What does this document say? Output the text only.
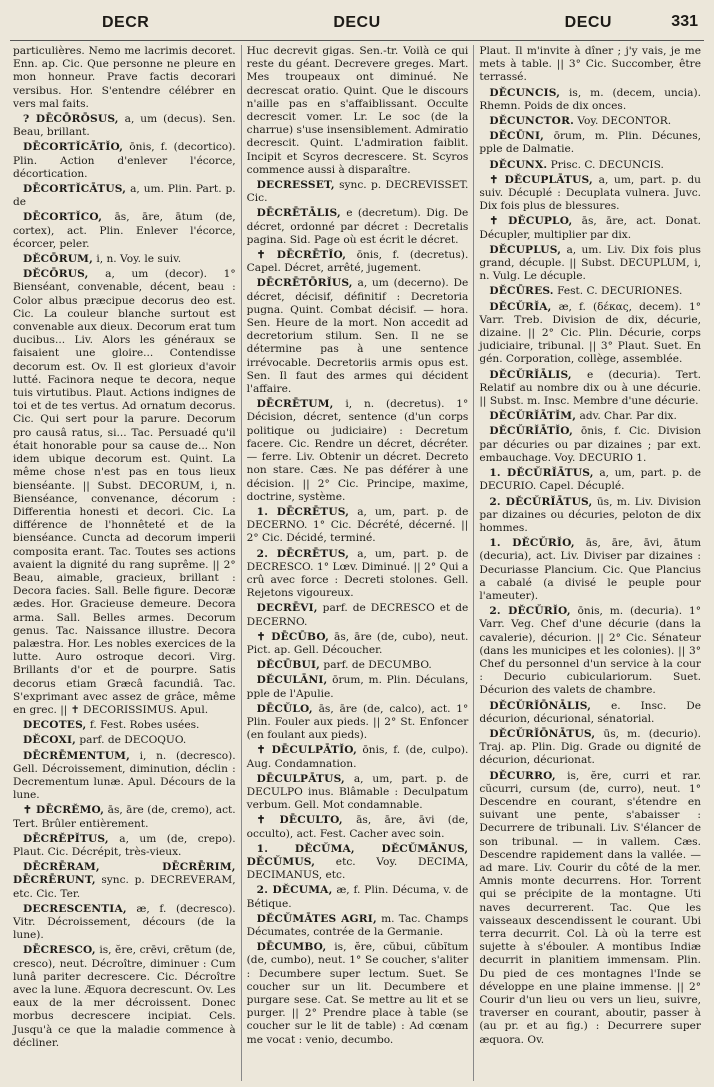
DECR	DECU	DECU	331

particulières. Nemo me lacrimis decoret. Enn. ap. Cic. Que personne ne pleure en mon honneur. Prave factis decorari versibus. Hor. S'entendre célébrer en vers mal faits.

? DĒCŌRŌSUS, a, um (decus). Sen. Beau, brillant.

DĒCORTĬCĀTĬO, ōnis, f. (decortico). Plin. Action d'enlever l'écorce, décortication.

DĒCORTĬCĀTUS, a, um. Plin. Part. p. de

DĒCORTĬCO, ās, āre, ātum (de, cortex), act. Plin. Enlever l'écorce, écorcer, peler.

DĔCŌRUM, i, n. Voy. le suiv.

DĔCŌRUS, a, um (decor). 1° Bienséant, convenable, décent, beau : Color albus præcipue decorus deo est. Cic. La couleur blanche surtout est convenable aux dieux. Decorum erat tum ducibus... Liv. Alors les généraux se faisaient une gloire... Contendisse decorum est. Ov. Il est glorieux d'avoir lutté. Facinora neque te decora, neque tuis virtutibus. Plaut. Actions indignes de toi et de tes vertus. Ad ornatum decorus. Cic. Qui sert pour la parure. Decorum pro causâ ratus, si... Tac. Persuadé qu'il était honorable pour sa cause de... Non idem ubique decorum est. Quint. La même chose n'est pas en tous lieux bienséante. || Subst. DECORUM, i, n. Bienséance, convenance, décorum : Differentia honesti et decori. Cic. La différence de l'honnêteté et de la bienséance. Cuncta ad decorum imperii composita erant. Tac. Toutes ses actions avaient la dignité du rang suprême. || 2° Beau, aimable, gracieux, brillant : Decora facies. Sall. Belle figure. Decoræ ædes. Hor. Gracieuse demeure. Decora arma. Sall. Belles armes. Decorum genus. Tac. Naissance illustre. Decora palæstra. Hor. Les nobles exercices de la lutte. Auro ostroque decori. Virg. Brillants d'or et de pourpre. Satis decorus etiam Græcâ facundiâ. Tac. S'exprimant avec assez de grâce, même en grec. || ✝ DECORISSIMUS. Apul.

DECOTES, f. Fest. Robes usées.

DĔCOXI, parf. de DECOQUO.

DĒCRĒMENTUM, i, n. (decresco). Gell. Décroissement, diminution, déclin : Decrementum lunæ. Apul. Décours de la lune.

✝ DĒCRĔMO, ās, āre (de, cremo), act. Tert. Brûler entièrement.

DĒCRĔPĬTUS, a, um (de, crepo). Plaut. Cic. Décrépit, très-vieux.

DĒCRĒRAM, DĒCRĒRIM, DĒCRĒRUNT, sync. p. DECREVERAM, etc. Cic. Ter.

DECRESCENTIA, æ, f. (decresco). Vitr. Décroissement, décours (de la lune).

DĒCRESCO, is, ĕre, crēvi, crētum (de, cresco), neut. Décroître, diminuer : Cum lunâ pariter decrescere. Cic. Décroître avec la lune. Æquora decrescunt. Ov. Les eaux de la mer décroissent. Donec morbus decrescere incipiat. Cels. Jusqu'à ce que la maladie commence à décliner.

Huc decrevit gigas. Sen.-tr. Voilà ce qui reste du géant. Decrevere greges. Mart. Mes troupeaux ont diminué. Ne decrescat oratio. Quint. Que le discours n'aille pas en s'affaiblissant. Occulte decrescit vomer. Lr. Le soc (de la charrue) s'use insensiblement. Admiratio decrescit. Quint. L'admiration faiblit. Incipit et Scyros decrescere. St. Scyros commence aussi à disparaître.

DECRESSET, sync. p. DECREVISSET. Cic.

DĒCRĒTĀLIS, e (decretum). Dig. De décret, ordonné par décret : Decretalis pagina. Sid. Page où est écrit le décret.

✝ DĒCRĒTĬO, ōnis, f. (decretus). Capel. Décret, arrêté, jugement.

DĒCRĒTŌRĬUS, a, um (decerno). De décret, décisif, définitif : Decretoria pugna. Quint. Combat décisif. — hora. Sen. Heure de la mort. Non accedit ad decretorium stilum. Sen. Il ne se détermine pas à une sentence irrévocable. Decretoriis armis opus est. Sen. Il faut des armes qui décident l'affaire.

DĒCRĒTUM, i, n. (decretus). 1° Décision, décret, sentence (d'un corps politique ou judiciaire) : Decretum facere. Cic. Rendre un décret, décréter. — ferre. Liv. Obtenir un décret. Decreto non stare. Cæs. Ne pas déférer à une décision. || 2° Cic. Principe, maxime, doctrine, système.

1. DĒCRĒTUS, a, um, part. p. de DECERNO. 1° Cic. Décrété, décerné. || 2° Cic. Décidé, terminé.

2. DĒCRĒTUS, a, um, part. p. de DECRESCO. 1° Lœv. Diminué. || 2° Qui a crû avec force : Decreti stolones. Gell. Rejetons vigoureux.

DECRĒVI, parf. de DECRESCO et de DECERNO.

✝ DĒCŪBO, ās, āre (de, cubo), neut. Pict. ap. Gell. Découcher.

DĔCŪBUI, parf. de DECUMBO.

DĔCULĀNI, ōrum, m. Plin. Déculans, pple de l'Apulie.

DĒCŬLO, ās, āre (de, calco), act. 1° Plin. Fouler aux pieds. || 2° St. Enfoncer (en foulant aux pieds).

✝ DĒCULPĀTĬO, ōnis, f. (de, culpo). Aug. Condamnation.

DĒCULPĀTUS, a, um, part. p. de DECULPO inus. Blâmable : Deculpatum verbum. Gell. Mot condamnable.

✝ DĒCULTO, ās, āre, āvi (de, occulto), act. Fest. Cacher avec soin.

1. DĔCŬMA, DĔCŬMĀNUS, DĔCŬMUS, etc. Voy. DECIMA, DECIMANUS, etc.

2. DĔCUMA, æ, f. Plin. Décuma, v. de Bétique.

DĔCŬMĀTES AGRI, m. Tac. Champs Décumates, contrée de la Germanie.

DĒCUMBO, is, ĕre, cŭbui, cŭbĭtum (de, cumbo), neut. 1° Se coucher, s'aliter : Decumbere super lectum. Suet. Se coucher sur un lit. Decumbere et purgare sese. Cat. Se mettre au lit et se purger. || 2° Prendre place à table (se coucher sur le lit de table) : Ad cœnam me vocat : venio, decumbo.

Plaut. Il m'invite à dîner ; j'y vais, je me mets à table. || 3° Cic. Succomber, être terrassé.

DĔCUNCIS, is, m. (decem, uncia). Rhemn. Poids de dix onces.

DĔCUNCTOR. Voy. DECONTOR.

DĔCŪNI, ōrum, m. Plin. Décunes, pple de Dalmatie.

DĔCUNX. Prisc. C. DECUNCIS.

✝ DĔCUPLĀTUS, a, um, part. p. du suiv. Décuplé : Decuplata vulnera. Juvc. Dix fois plus de blessures.

✝ DĔCUPLO, ās, āre, act. Donat. Décupler, multiplier par dix.

DĔCUPLUS, a, um. Liv. Dix fois plus grand, décuple. || Subst. DECUPLUM, i, n. Vulg. Le décuple.

DĔCŪRES. Fest. C. DECURIONES.

DĔCŬRĬA, æ, f. (δέκας, decem). 1° Varr. Treb. Division de dix, décurie, dizaine. || 2° Cic. Plin. Décurie, corps judiciaire, tribunal. || 3° Plaut. Suet. En gén. Corporation, collège, assemblée.

DĔCŬRĬĀLIS, e (decuria). Tert. Relatif au nombre dix ou à une décurie. || Subst. m. Insc. Membre d'une décurie.

DĔCŬRĬĀTĬM, adv. Char. Par dix.

DĔCŬRĬĀTĬO, ōnis, f. Cic. Division par décuries ou par dizaines ; par ext. embauchage. Voy. DECURIO 1.

1. DĔCŬRĬĀTUS, a, um, part. p. de DECURIO. Capel. Décuplé.

2. DĔCŬRĬĀTUS, ūs, m. Liv. Division par dizaines ou décuries, peloton de dix hommes.

1. DĔCŬRĬO, ās, āre, āvi, ātum (decuria), act. Liv. Diviser par dizaines : Decuriasse Plancium. Cic. Que Plancius a cabalé (a divisé le peuple pour l'ameuter).

2. DĔCŬRĬO, ōnis, m. (decuria). 1° Varr. Veg. Chef d'une décurie (dans la cavalerie), décurion. || 2° Cic. Sénateur (dans les municipes et les colonies). || 3° Chef du personnel d'un service à la cour : Decurio cubiculariorum. Suet. Décurion des valets de chambre.

DĔCŬRĬŌNĀLIS, e. Insc. De décurion, décurional, sénatorial.

DĔCŬRĬŌNĀTUS, ūs, m. (decurio). Traj. ap. Plin. Dig. Grade ou dignité de décurion, décurionat.

DĔCURRO, is, ĕre, curri et rar. cŭcurri, cursum (de, curro), neut. 1° Descendre en courant, s'étendre en suivant une pente, s'abaisser : Decurrere de tribunali. Liv. S'élancer de son tribunal. — in vallem. Cæs. Descendre rapidement dans la vallée. — ad mare. Liv. Courir du côté de la mer. Amnis monte decurrens. Hor. Torrent qui se précipite de la montagne. Uti naves decurrerent. Tac. Que les vaisseaux descendissent le courant. Ubi terra decurrit. Col. Là où la terre est sujette à s'ébouler. A montibus Indiæ decurrit in planitiem immensam. Plin. Du pied de ces montagnes l'Inde se développe en une plaine immense. || 2° Courir d'un lieu ou vers un lieu, suivre, traverser en courant, aboutir, passer à (au pr. et au fig.) : Decurrere super æquora. Ov.
